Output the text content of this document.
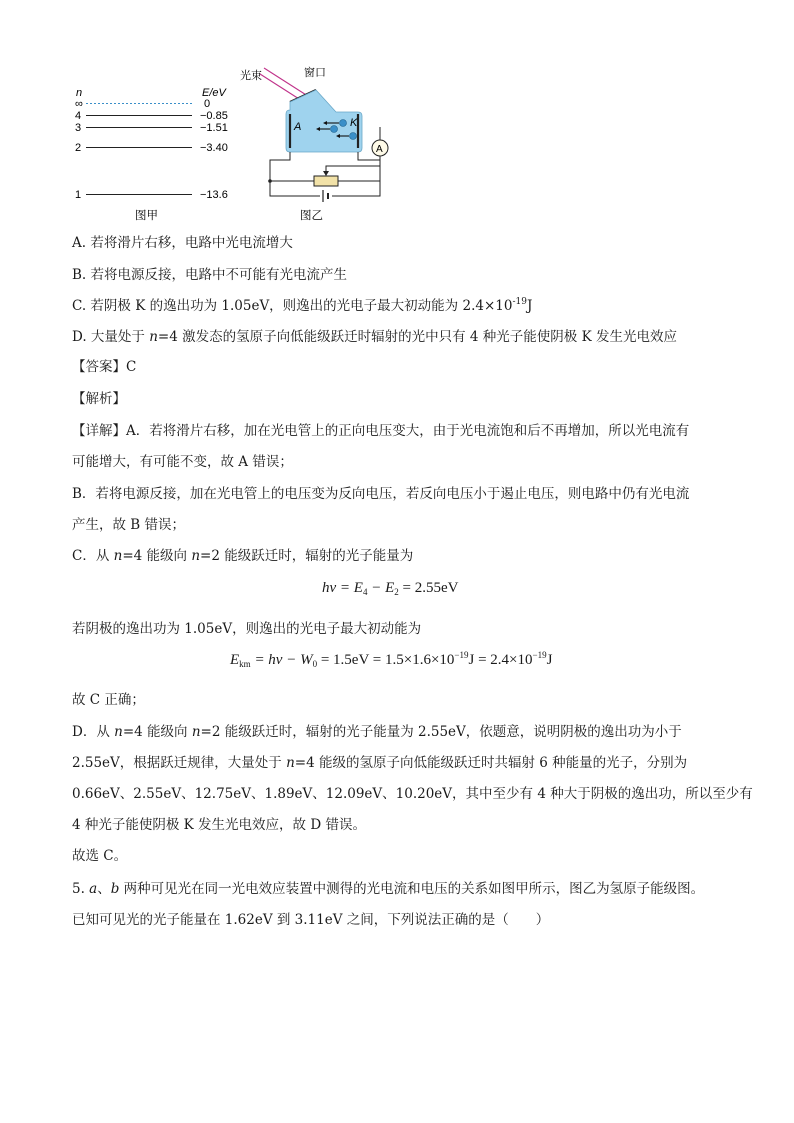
n	E/eV
∞	0
4	−0.85
3	−1.51
2	−3.40
1	−13.6
图甲
光束	窗口
A	K
A
图乙
A. 若将滑片右移，电路中光电流增大
B. 若将电源反接，电路中不可能有光电流产生
C. 若阴极 K 的逸出功为 1.05eV，则逸出的光电子最大初动能为 $2.4\times 10^{-19}J$
D. 大量处于 n=4 激发态的氢原子向低能级跃迁时辐射的光中只有 4 种光子能使阴极 K 发生光电效应
【答案】C
【解析】
【详解】A．若将滑片右移，加在光电管上的正向电压变大，由于光电流饱和后不再增加，所以光电流有
可能增大，有可能不变，故 A 错误；
B．若将电源反接，加在光电管上的电压变为反向电压，若反向电压小于遏止电压，则电路中仍有光电流
产生，故 B 错误；
C．从 n=4 能级向 n=2 能级跃迁时，辐射的光子能量为
$h\nu = E_4 - E_2 = 2.55eV$
若阴极的逸出功为 1.05eV，则逸出的光电子最大初动能为
$E_{km} = h\nu - W_0 = 1.5eV = 1.5\times 1.6\times 10^{-19}J = 2.4\times 10^{-19}J$
故 C 正确；
D．从 n=4 能级向 n=2 能级跃迁时，辐射的光子能量为 2.55eV，依题意，说明阴极的逸出功为小于
2.55eV，根据跃迁规律，大量处于 n=4 能级的氢原子向低能级跃迁时共辐射 6 种能量的光子，分别为
0.66eV、2.55eV、12.75eV、1.89eV、12.09eV、10.20eV，其中至少有 4 种大于阴极的逸出功，所以至少有
4 种光子能使阴极 K 发生光电效应，故 D 错误。
故选 C。
5. a、b 两种可见光在同一光电效应装置中测得的光电流和电压的关系如图甲所示，图乙为氢原子能级图。
已知可见光的光子能量在 1.62eV 到 3.11eV 之间，下列说法正确的是（　　）
